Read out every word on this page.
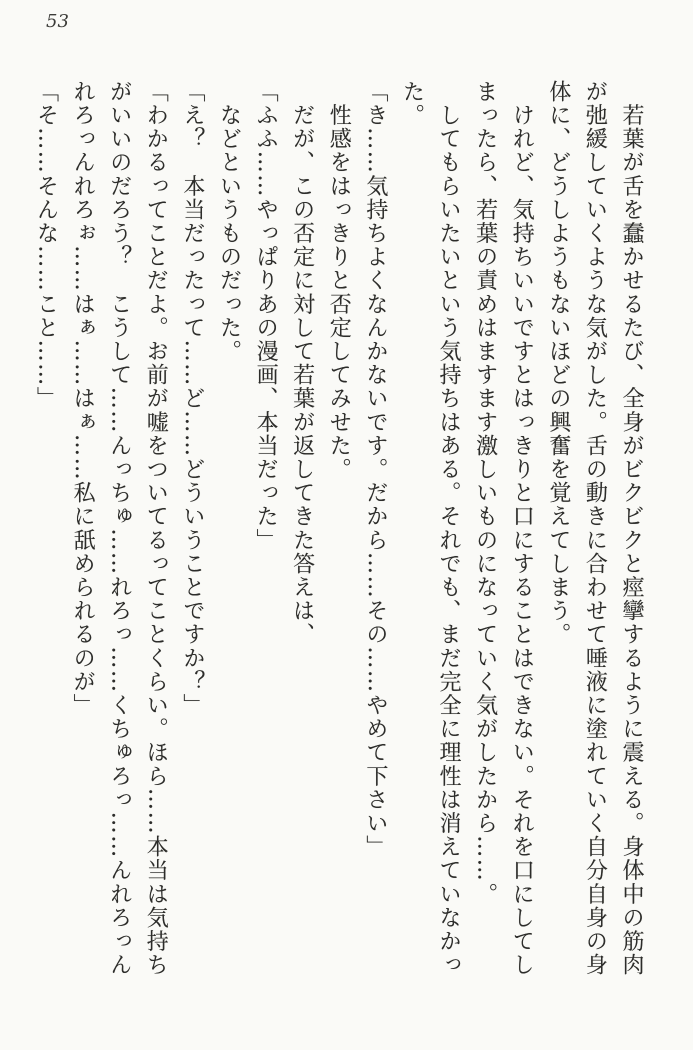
53

　若葉が舌を蠢かせるたび、全身がビクビクと痙攣するように震える。身体中の筋肉

が弛緩していくような気がした。舌の動きに合わせて唾液に塗れていく自分自身の身

体に、どうしようもないほどの興奮を覚えてしまう。

　けれど、気持ちいいですとはっきりと口にすることはできない。それを口にしてし

まったら、若葉の責めはますます激しいものになっていく気がしたから……。

　してもらいたいという気持ちはある。それでも、まだ完全に理性は消えていなかっ

た。

「き……気持ちよくなんかないです。だから……その……やめて下さい」

　性感をはっきりと否定してみせた。

　だが、この否定に対して若葉が返してきた答えは、

「ふふ……やっぱりあの漫画、本当だった」

　などというものだった。

「え？　本当だったって……ど……どういうことですか？」

「わかるってことだよ。お前が嘘をついてるってことくらい。ほら……本当は気持ち

がいいのだろう？　こうして……んっちゅ……れろっ……くちゅろっ……んれろっん

れろっんれろぉ……はぁ……はぁ……私に舐められるのが」

「そ……そんな……こと……」
